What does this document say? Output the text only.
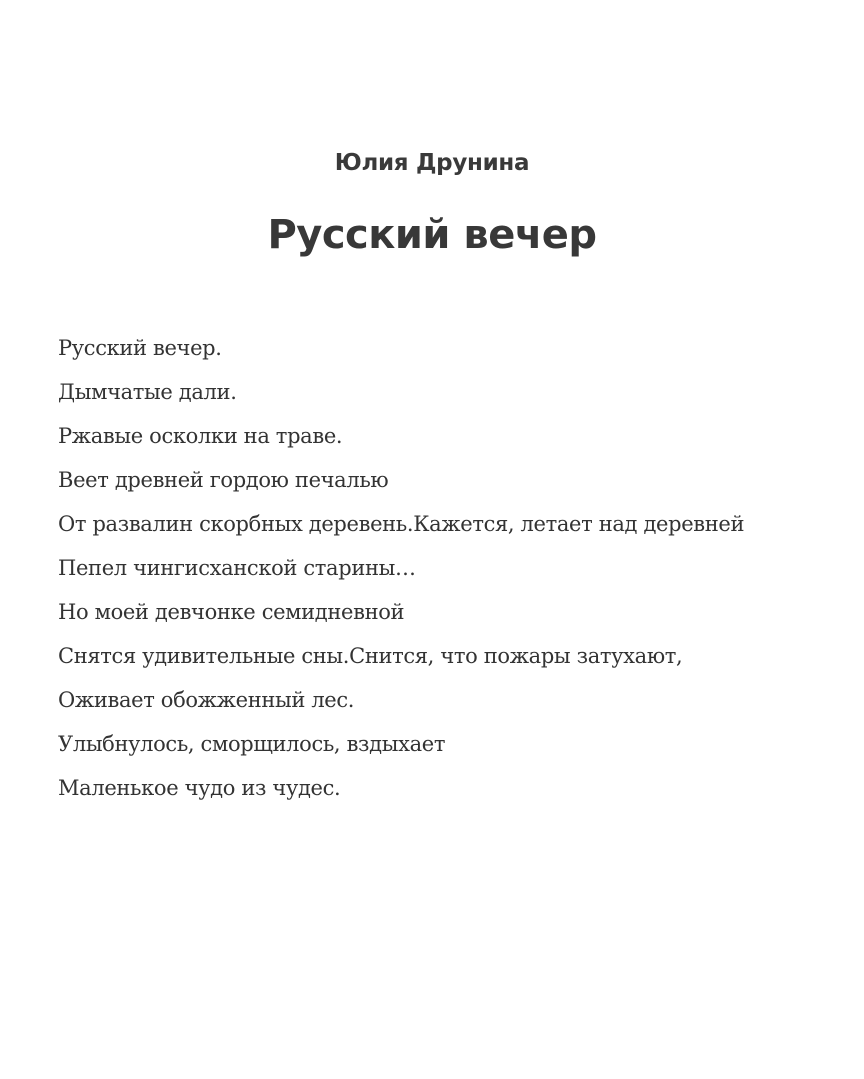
Юлия Друнина
Русский вечер
Русский вечер.
Дымчатые дали.
Ржавые осколки на траве.
Веет древней гордою печалью
От развалин скорбных деревень.Кажется, летает над деревней
Пепел чингисханской старины…
Но моей девчонке семидневной
Снятся удивительные сны.Снится, что пожары затухают,
Оживает обожженный лес.
Улыбнулось, сморщилось, вздыхает
Маленькое чудо из чудес.
